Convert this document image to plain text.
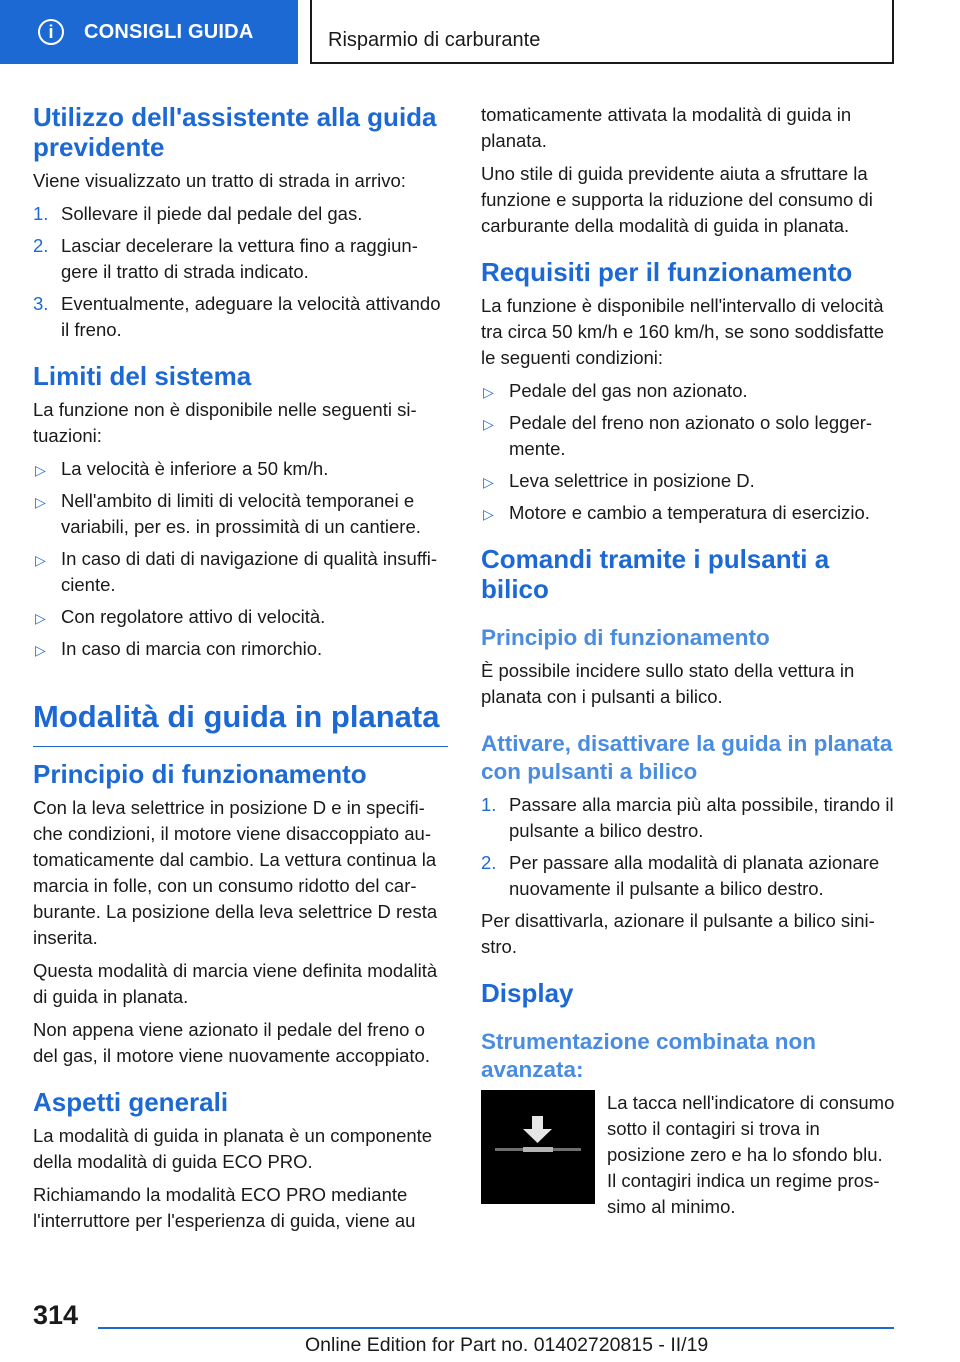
i	CONSIGLI GUIDA	Risparmio di carburante
Utilizzo dell'assistente alla guida previdente

Viene visualizzato un tratto di strada in arrivo:

1. Sollevare il piede dal pedale del gas.
2. Lasciar decelerare la vettura fino a raggiungere il tratto di strada indicato.
3. Eventualmente, adeguare la velocità attivando il freno.
Limiti del sistema

La funzione non è disponibile nelle seguenti situazioni:

▷ La velocità è inferiore a 50 km/h.
▷ Nell'ambito di limiti di velocità temporanei e variabili, per es. in prossimità di un cantiere.
▷ In caso di dati di navigazione di qualità insufficiente.
▷ Con regolatore attivo di velocità.
▷ In caso di marcia con rimorchio.
Modalità di guida in planata
Principio di funzionamento

Con la leva selettrice in posizione D e in specifiche condizioni, il motore viene disaccoppiato automaticamente dal cambio. La vettura continua la marcia in folle, con un consumo ridotto del carburante. La posizione della leva selettrice D resta inserita.

Questa modalità di marcia viene definita modalità di guida in planata.

Non appena viene azionato il pedale del freno o del gas, il motore viene nuovamente accoppiato.

Aspetti generali

La modalità di guida in planata è un componente della modalità di guida ECO PRO.

Richiamando la modalità ECO PRO mediante l'interruttore per l'esperienza di guida, viene au

tomaticamente attivata la modalità di guida in planata.

Uno stile di guida previdente aiuta a sfruttare la funzione e supporta la riduzione del consumo di carburante della modalità di guida in planata.

Requisiti per il funzionamento

La funzione è disponibile nell'intervallo di velocità tra circa 50 km/h e 160 km/h, se sono soddisfatte le seguenti condizioni:

▷ Pedale del gas non azionato.
▷ Pedale del freno non azionato o solo leggermente.
▷ Leva selettrice in posizione D.
▷ Motore e cambio a temperatura di esercizio.
Comandi tramite i pulsanti a bilico
Principio di funzionamento

È possibile incidere sullo stato della vettura in planata con i pulsanti a bilico.

Attivare, disattivare la guida in planata con pulsanti a bilico
1. Passare alla marcia più alta possibile, tirando il pulsante a bilico destro.
2. Per passare alla modalità di planata azionare nuovamente il pulsante a bilico destro.

Per disattivarla, azionare il pulsante a bilico sinistro.

Display
Strumentazione combinata non avanzata:

La tacca nell'indicatore di consumo sotto il contagiri si trova in posizione zero e ha lo sfondo blu. Il contagiri indica un regime prossimo al minimo.

314
Online Edition for Part no. 01402720815 - II/19
